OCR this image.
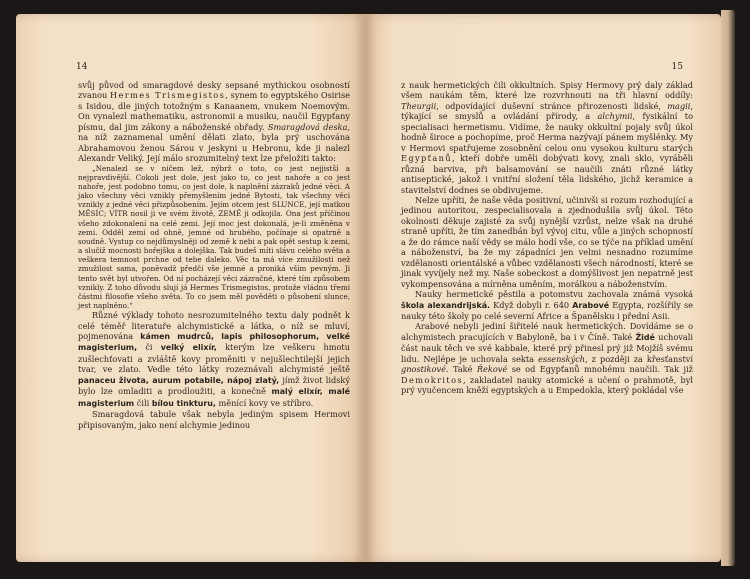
14

svůj původ od smaragdové desky sepsané mythickou osobností zvanou Hermes Trismegistos, synem to egyptského Osirise s Isidou, dle jiných totožným s Kanaanem, vnukem Noemovým. On vynalezl mathematiku, astronomii a musiku, naučil Egypťany písmu, dal jim zákony a náboženské obřady. Smaragdová deska, na níž zaznamenal umění dělati zlato, byla prý uschována Abrahamovou ženou Sárou v jeskyni u Hebronu, kde ji nalezl Alexandr Veliký. Její málo srozumitelný text lze přeložiti takto:

„Nenalezl se v ničem lež, nýbrž o toto, co jest nejjistší a nejpravdivější. Cokoli jest dole, jest jako to, co jest nahoře a co jest nahoře, jest podobno tomu, co jest dole, k naplnění zázraků jedné věci. A jako všechny věci vznikly přemyšlením jedné Bytosti, tak všechny věci vznikly z jedné věci přizpůsobením. Jejím otcem jest SLUNCE, její matkou MĚSÍC; VÍTR nosil ji ve svém životě, ZEMĚ ji odkojila. Ona jest příčinou všeho zdokonalení na celé zemi. Její moc jest dokonalá, je-li změněna v zemi. Odděl zemi od ohně, jemné od hrubého, počínaje si opatrně a soudně. Vystup co nejdůmyslněji od země k nebi a pak opět sestup k zemi, a slučiž mocnosti hořejška a dolejška. Tak budeš míti slávu celého světa a veškera temnost prchne od tebe daleko. Věc ta má více zmužilosti než zmužilost sama, poněvadž předčí vše jemné a proniká vším pevným. Ji tento svět byl utvořen. Od ní pocházejí věci zázračné, které tím způsobem vznikly. Z toho důvodu slují já Hermes Trismegistos, protože vládnu třemi částmi filosofie všeho světa. To co jsem měl pověděti o působení slunce, jest naplněno.“

Různé výklady tohoto nesrozumitelného textu daly podnět k celé téměř literatuře alchymistické a látka, o níž se mluví, pojmenována kámen mudrců, lapis philosophorum, velké magisterium, či velký elixír, kterým lze veškeru hmotu zušlechťovati a zvláště kovy proměniti v nejušlechtilejší jejich tvar, ve zlato. Vedle této látky rozeznávali alchymisté ještě panaceu života, aurum potabile, nápoj zlatý, jímž život lidský bylo lze omladiti a prodloužiti, a konečně malý elixír, malé magisterium čili bílou tinkturu, měnící kovy ve stříbro.

Smaragdová tabule však nebyla jediným spisem Hermovi připisovaným, jako není alchymie jedinou

15

z nauk hermetických čili okkultních. Spisy Hermovy prý daly základ všem naukám těm, které lze rozvrhnouti na tři hlavní oddíly: Theurgii, odpovídající duševní stránce přirozenosti lidské, magii, týkající se smyslů a ovládání přírody, a alchymii, fysikální to specialisaci hermetismu. Vidíme, že nauky okkultní pojaly svůj úkol hodně široce a pochopíme, proč Herma nazývají pánem myšlénky. My v Hermovi spatřujeme zosobnění celou onu vysokou kulturu starých Egypťanů, kteří dobře uměli dobývati kovy, znali sklo, vyráběli různá barviva, při balsamování se naučili znáti různé látky antiseptické, jakož i vnitřní složení těla lidského, jichž keramice a stavitelství dodnes se obdivujeme.

Nelze upříti, že naše věda positivní, učinivši si rozum rozhodující a jedinou autoritou, zespecialisovala a zjednodušila svůj úkol. Této okolnosti děkuje zajisté za svůj nynější vzrůst, nelze však na druhé straně upříti, že tím zanedbán byl vývoj citu, vůle a jiných schopností a že do rámce naší vědy se málo hodí vše, co se týče na příklad umění a náboženství, ba že my západníci jen velmi nesnadno rozumíme vzdělanosti orientálské a vůbec vzdělanosti všech národností, které se jinak vyvíjely než my. Naše sobeckost a domýšlivost jen nepatrně jest vykompensována a mírněna uměním, morálkou a náboženstvím.

Nauky hermetické pěstila a potomstvu zachovala známá vysoká škola alexandrijská. Když dobyli r. 640 Arabové Egypta, rozšířily se nauky této školy po celé severní Africe a Španělsku i přední Asii.

Arabové nebyli jediní šiřitelé nauk hermetických. Dovídáme se o alchymistech pracujících v Babyloně, ba i v Číně. Také Židé uchovali část nauk těch ve své kabbale, které prý přinesl prý již Mojžíš svému lidu. Nejlépe je uchovala sekta essenských, z později za křesťanství gnostikové. Také Řekové se od Egypťanů mnohému naučili. Tak již Demokritos, zakladatel nauky atomické a učení o prahmotě, byl prý vyučencem kněží egyptských a u Empedokla, který pokládal vše
